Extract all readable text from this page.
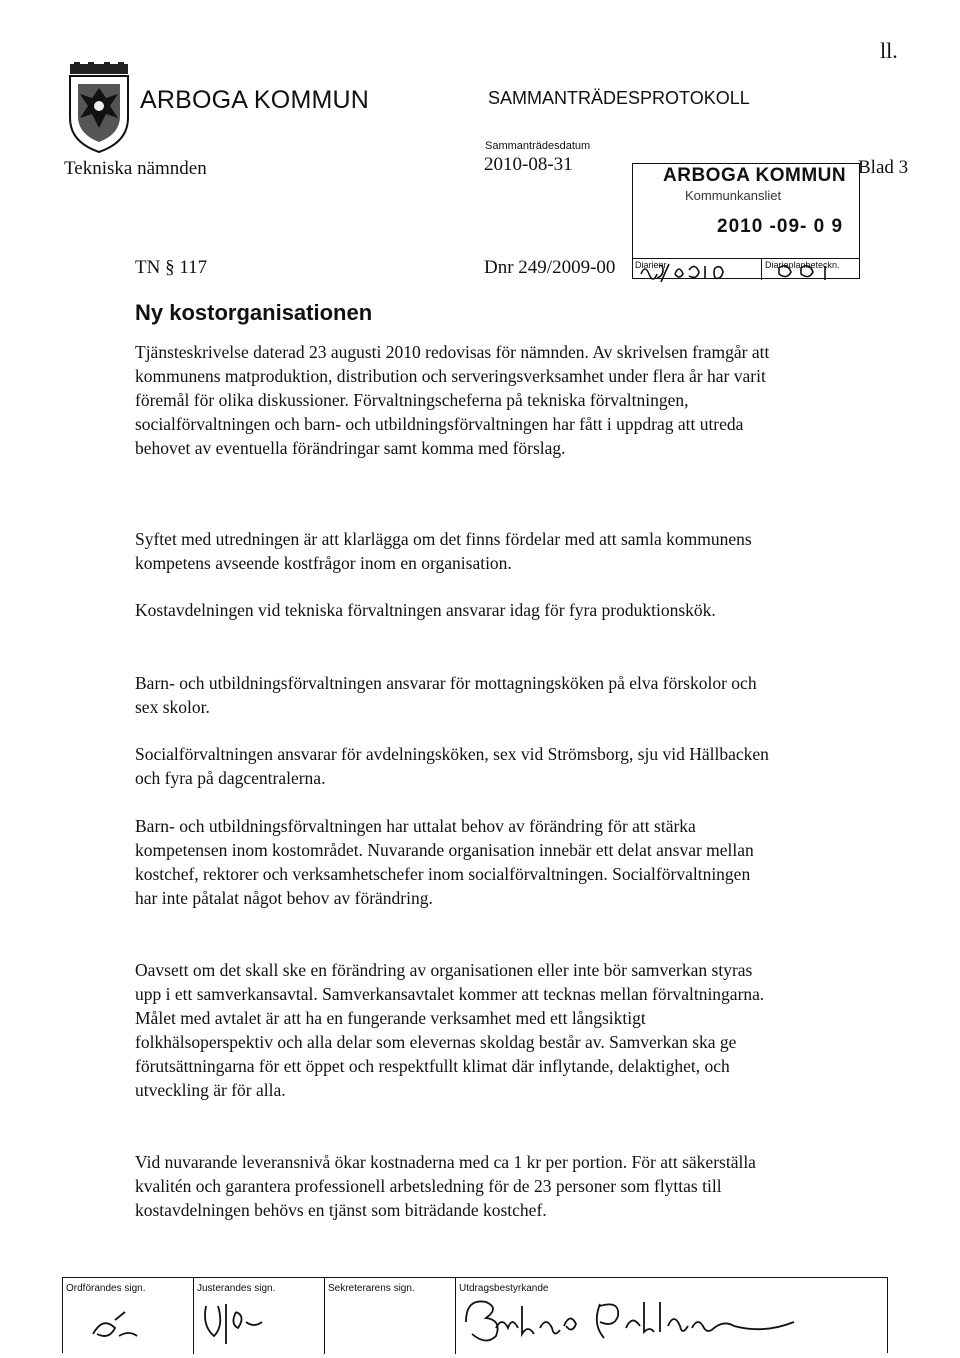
ARBOGA KOMMUN	SAMMANTRÄDESPROTOKOLL
Tekniska nämnden
Sammanträdesdatum
2010-08-31
ll.
Blad 3
ARBOGA KOMMUN
Kommunkansliet
2010 -09- 0 9
Diarienr.	Diarieplanbeteckn.
TN § 117	Dnr 249/2009-00
Ny kostorganisationen

Tjänsteskrivelse daterad 23 augusti 2010 redovisas för nämnden. Av skrivelsen framgår att kommunens matproduktion, distribution och serveringsverksamhet under flera år har varit föremål för olika diskussioner. Förvaltningscheferna på tekniska förvaltningen, socialförvaltningen och barn- och utbildningsförvaltningen har fått i uppdrag att utreda behovet av eventuella förändringar samt komma med förslag.

Syftet med utredningen är att klarlägga om det finns fördelar med att samla kommunens kompetens avseende kostfrågor inom en organisation.

Kostavdelningen vid tekniska förvaltningen ansvarar idag för fyra produktionskök.

Barn- och utbildningsförvaltningen ansvarar för mottagningsköken på elva förskolor och sex skolor.

Socialförvaltningen ansvarar för avdelningsköken, sex vid Strömsborg, sju vid Hällbacken och fyra på dagcentralerna.

Barn- och utbildningsförvaltningen har uttalat behov av förändring för att stärka kompetensen inom kostområdet. Nuvarande organisation innebär ett delat ansvar mellan kostchef, rektorer och verksamhetschefer inom socialförvaltningen. Socialförvaltningen har inte påtalat något behov av förändring.

Oavsett om det skall ske en förändring av organisationen eller inte bör samverkan styras upp i ett samverkansavtal. Samverkansavtalet kommer att tecknas mellan förvaltningarna. Målet med avtalet är att ha en fungerande verksamhet med ett långsiktigt folkhälsoperspektiv och alla delar som elevernas skoldag består av. Samverkan ska ge förutsättningarna för ett öppet och respektfullt klimat där inflytande, delaktighet, och utveckling är för alla.

Vid nuvarande leveransnivå ökar kostnaderna med ca 1 kr per portion. För att säkerställa kvalitén och garantera professionell arbetsledning för de 23 personer som flyttas till kostavdelningen behövs en tjänst som biträdande kostchef.

Ordförandes sign.	Justerandes sign.	Sekreterarens sign.	Utdragsbestyrkande
